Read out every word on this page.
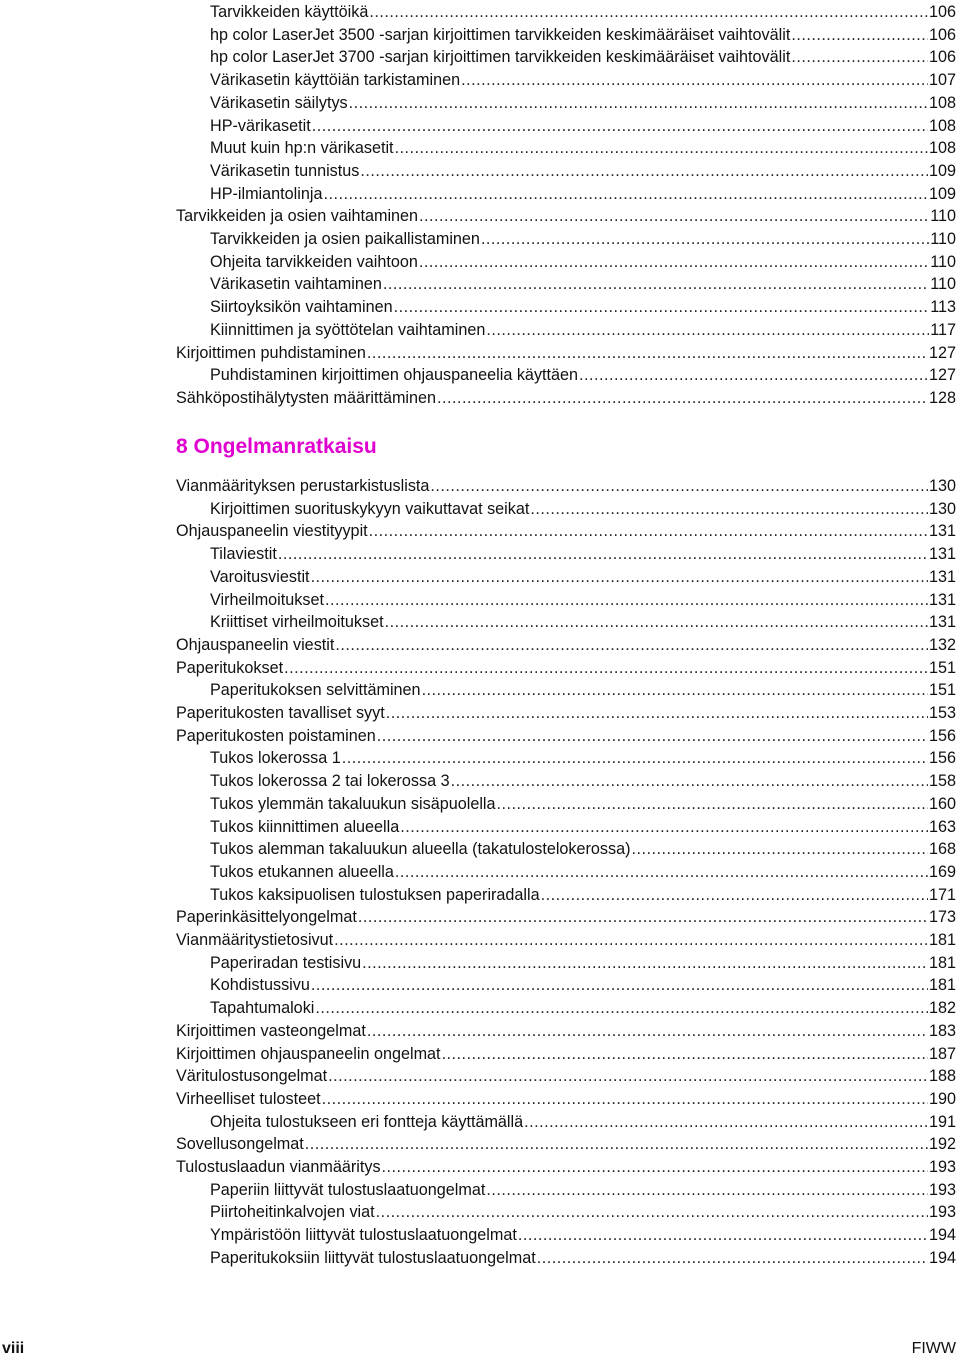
Tarvikkeiden käyttöikä .....	106
hp color LaserJet 3500 -sarjan kirjoittimen tarvikkeiden keskimääräiset vaihtovälit .....	106
hp color LaserJet 3700 -sarjan kirjoittimen tarvikkeiden keskimääräiset vaihtovälit .....	106
Värikasetin käyttöiän tarkistaminen .....	107
Värikasetin säilytys .....	108
HP-värikasetit .....	108
Muut kuin hp:n värikasetit .....	108
Värikasetin tunnistus .....	109
HP-ilmiantolinja .....	109
Tarvikkeiden ja osien vaihtaminen .....	110
Tarvikkeiden ja osien paikallistaminen .....	110
Ohjeita tarvikkeiden vaihtoon .....	110
Värikasetin vaihtaminen .....	110
Siirtoyksikön vaihtaminen .....	113
Kiinnittimen ja syöttötelan vaihtaminen .....	117
Kirjoittimen puhdistaminen .....	127
Puhdistaminen kirjoittimen ohjauspaneelia käyttäen .....	127
Sähköpostihälytysten määrittäminen .....	128
Vianmäärityksen perustarkistuslista .....	130
Kirjoittimen suorituskykyyn vaikuttavat seikat .....	130
Ohjauspaneelin viestityypit .....	131
Tilaviestit .....	131
Varoitusviestit .....	131
Virheilmoitukset .....	131
Kriittiset virheilmoitukset .....	131
Ohjauspaneelin viestit .....	132
Paperitukokset .....	151
Paperitukoksen selvittäminen .....	151
Paperitukosten tavalliset syyt .....	153
Paperitukosten poistaminen .....	156
Tukos lokerossa 1 .....	156
Tukos lokerossa 2 tai lokerossa 3 .....	158
Tukos ylemmän takaluukun sisäpuolella .....	160
Tukos kiinnittimen alueella .....	163
Tukos alemman takaluukun alueella (takatulostelokerossa) .....	168
Tukos etukannen alueella .....	169
Tukos kaksipuolisen tulostuksen paperiradalla .....	171
Paperinkäsittelyongelmat .....	173
Vianmääritystietosivut .....	181
Paperiradan testisivu .....	181
Kohdistussivu .....	181
Tapahtumaloki .....	182
Kirjoittimen vasteongelmat .....	183
Kirjoittimen ohjauspaneelin ongelmat .....	187
Väritulostusongelmat .....	188
Virheelliset tulosteet .....	190
Ohjeita tulostukseen eri fontteja käyttämällä .....	191
Sovellusongelmat .....	192
Tulostuslaadun vianmääritys .....	193
Paperiin liittyvät tulostuslaatuongelmat .....	193
Piirtoheitinkalvojen viat .....	193
Ympäristöön liittyvät tulostuslaatuongelmat .....	194
Paperitukoksiin liittyvät tulostuslaatuongelmat .....	194
8 Ongelmanratkaisu
viii	FIWW
